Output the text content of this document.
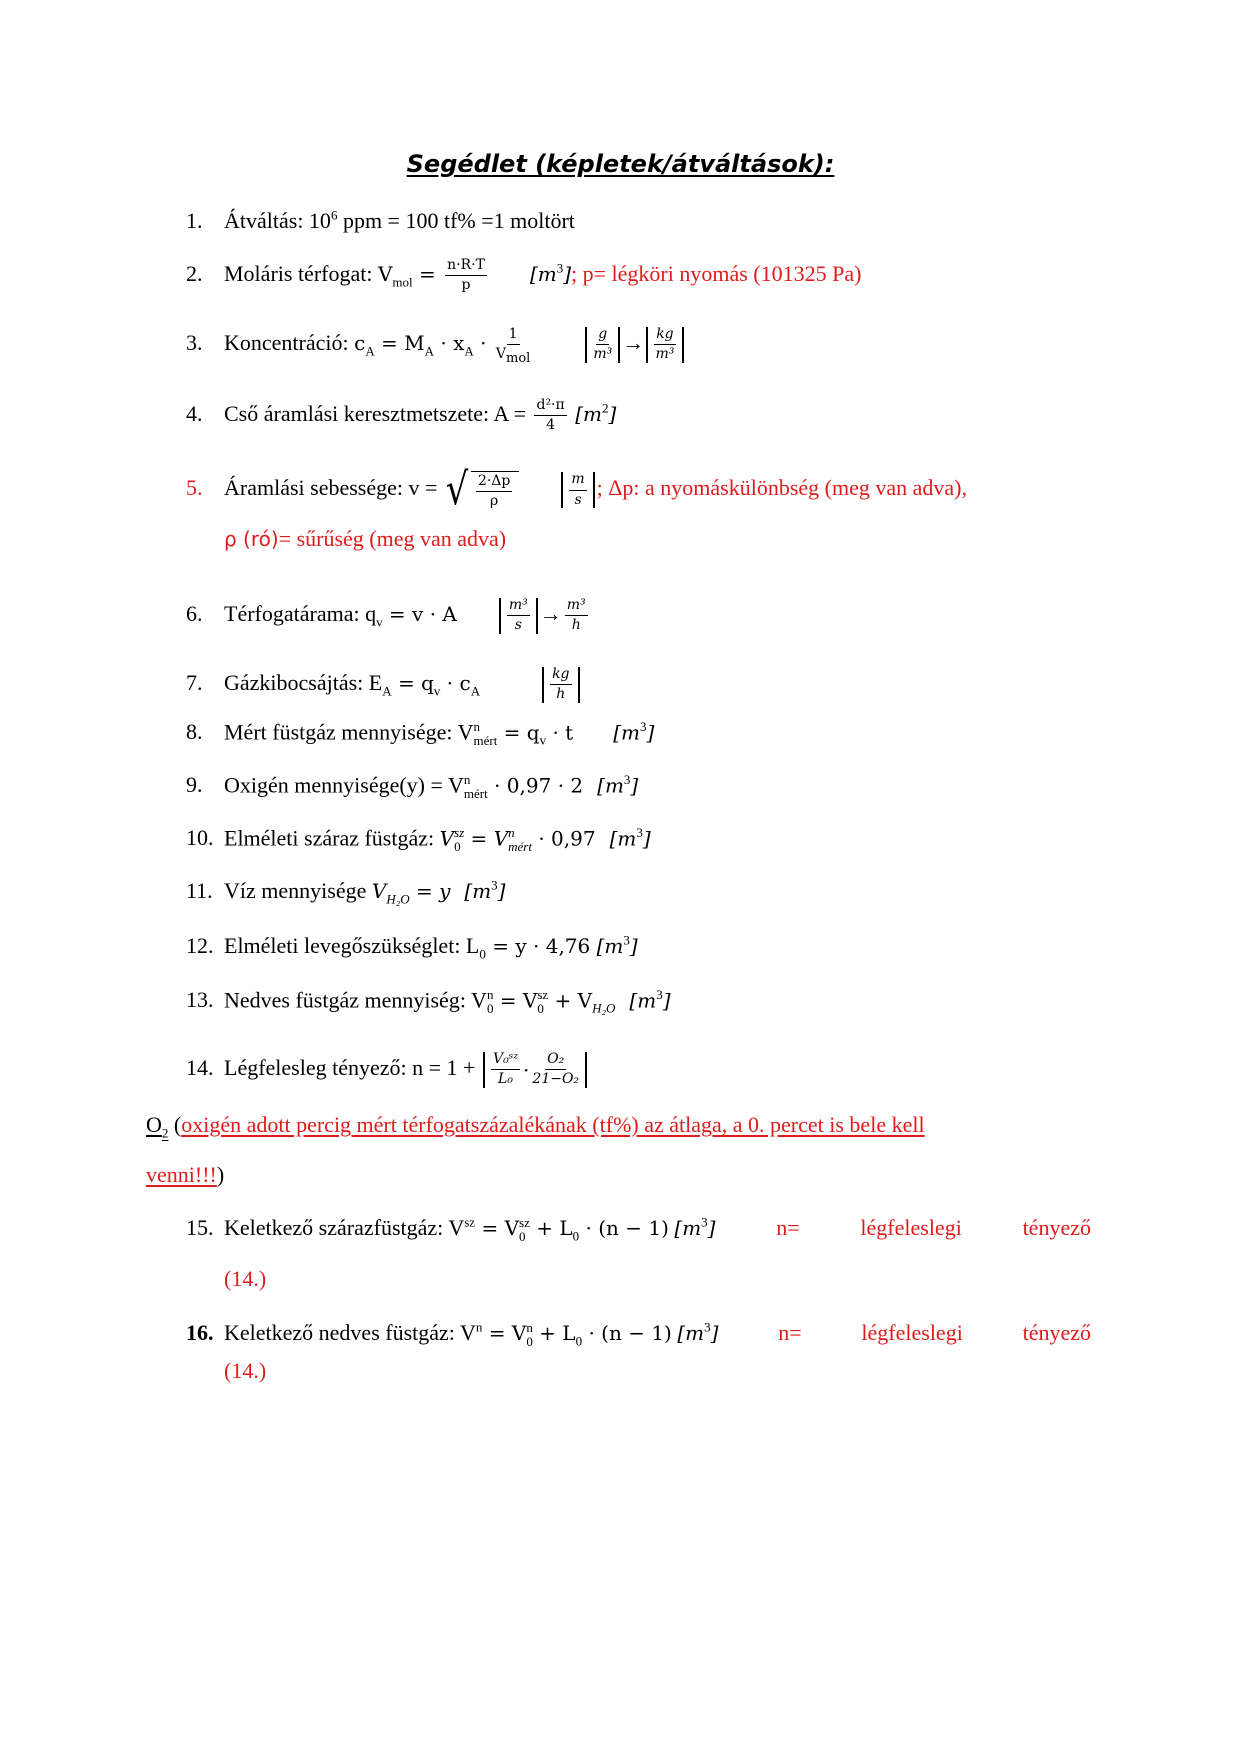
Segédlet (képletek/átváltások):
1. Átváltás: $10^6$ ppm = 100 tf% =1 moltört
2. Moláris térfogat: $V_{mol} = \frac{n\cdot R\cdot T}{p} [m^3]$; p= légköri nyomás (101325 Pa)
3. Koncentráció: $c_A = M_A \cdot x_A \cdot \frac{1}{V_{mol}}$	$\frac{g}{\text{m³}} \to \frac{kg}{\text{m³}}$
4. Cső áramlási keresztmetszete: $A = \frac{\text{d²·π}}{4} [m^2]$
5. Áramlási sebessége: v = √ $\frac{2\cdot\Delta p}{\rho}$	$\frac{m}{s}$ ; Δp: a nyomáskülönbség (meg van adva),
ρ (ró)= sűrűség (meg van adva)
6. Térfogatárama: $q_v = v \cdot A$	$\frac{\text{m³}}{s} \to \frac{\text{m³}}{h}$
7. Gázkibocsájtás: $E_A = q_v \cdot c_A$	$\frac{kg}{h}$
8. Mért füstgáz mennyisége: V n
mért = $q_v \cdot t$ $[m^3]$
9. Oxigén mennyisége(y) = V n
mért · 0,97 · 2 $[m^3]$
10. Elméleti száraz füstgáz: V sz
0 = V n
mért · 0,97 $[m^3]$
11. Víz mennyisége $V_{H_2O} = y$ $[m^3]$
12. Elméleti levegőszükséglet: $L_0 = y \cdot 4,76$ $[m^3]$
13. Nedves füstgáz mennyiség: V n
0 = V sz
$0 + V_{H_2O}$ $[m^3]$
14. Légfelesleg tényező: $n = 1 + \frac{\text{V₀ˢᶻ}}{\text{L₀}} \cdot \frac{\text{O₂}}{\text{21−O₂}}$
$O_2$ (oxigén adott percig mért térfogatszázalékának (tf%) az átlaga, a 0. percet is bele kell
venni!!!)
15. Keletkező szárazfüstgáz: $V^{sz} = V$ sz
$0 + L_0 \cdot (n - 1)$ $[m^3]$	n=	légfeleslegi	tényező
(14.)
16. Keletkező nedves füstgáz: $V^n = V$ n
$0 + L_0 \cdot (n - 1)$ $[m^3]$	n=	légfeleslegi	tényező
(14.)
